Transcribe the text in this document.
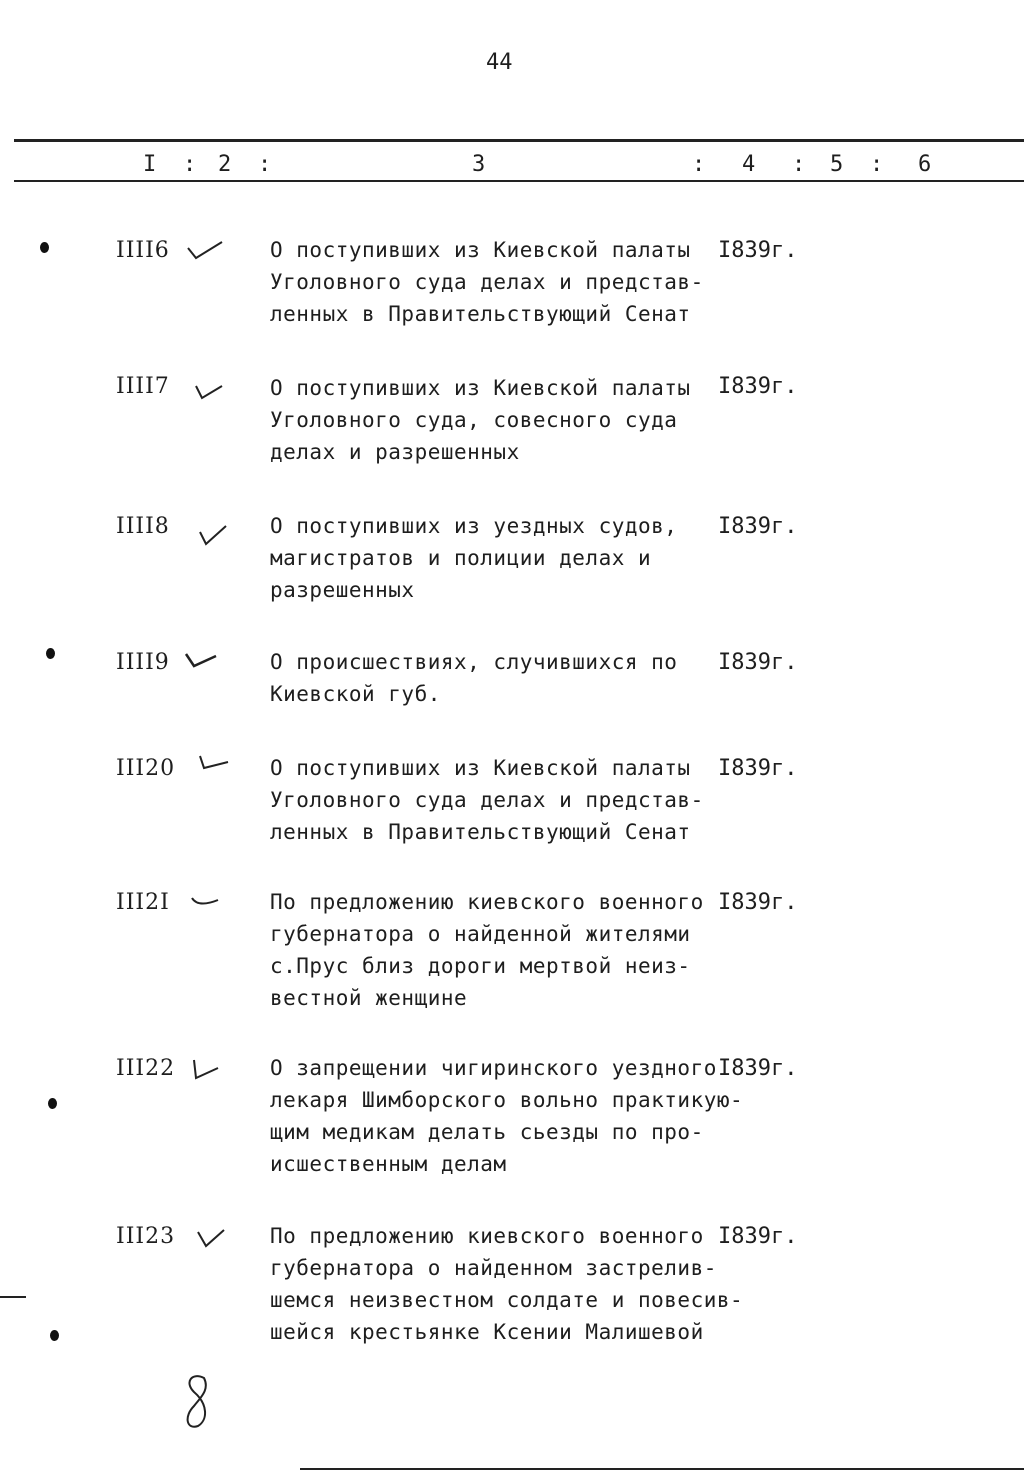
44
I : 2 :	3	: 4 : 5 : 6
IIII6	О поступивших из Киевской палаты
Уголовного суда делах и представ-
ленных в Правительствующий Сенат
I839г.
IIII7	О поступивших из Киевской палаты
Уголовного суда, совесного суда
делах и разрешенных
I839г.
IIII8	О поступивших из уездных судов,
магистратов и полиции делах и
разрешенных
I839г.
IIII9	О происшествиях, случившихся по
Киевской губ.
I839г.
III20	О поступивших из Киевской палаты
Уголовного суда делах и представ-
ленных в Правительствующий Сенат
I839г.
III2I	По предложению киевского военного
губернатора о найденной жителями
с.Прус близ дороги мертвой неиз-
вестной женщине
I839г.
III22	О запрещении чигиринского уездного
лекаря Шимборского вольно практикую-
щим медикам делать сьезды по про-
исшественным делам
I839г.
III23	По предложению киевского военного
губернатора о найденном застрелив-
шемся неизвестном солдате и повесив-
шейся крестьянке Ксении Малишевой
I839г.
8
